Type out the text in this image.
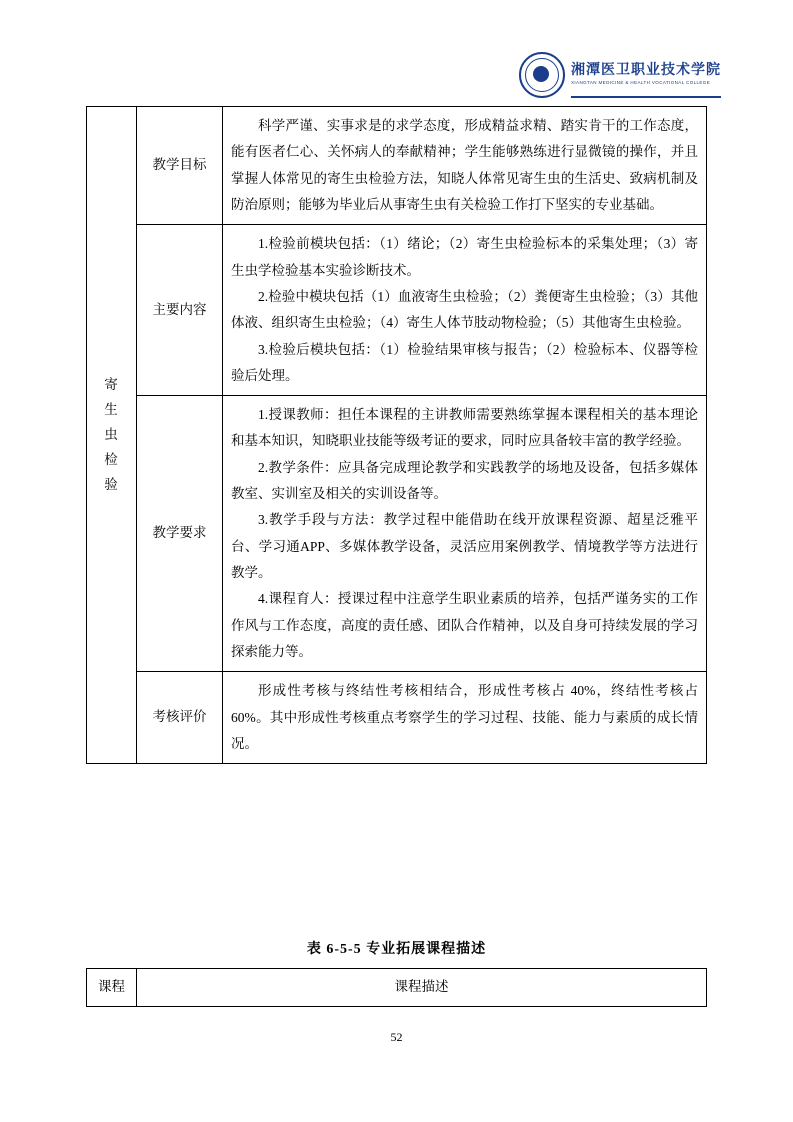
湘潭医卫职业技术学院
XIANGTAN MEDICINE & HEALTH VOCATIONAL COLLEGE
寄
生
虫
检
验	教学目标	科学严谨、实事求是的求学态度，形成精益求精、踏实肯干的工作态度，能有医者仁心、关怀病人的奉献精神；学生能够熟练进行显微镜的操作，并且掌握人体常见的寄生虫检验方法，知晓人体常见寄生虫的生活史、致病机制及防治原则；能够为毕业后从事寄生虫有关检验工作打下坚实的专业基础。

	主要内容	1.检验前模块包括：（1）绪论；（2）寄生虫检验标本的采集处理；（3）寄生虫学检验基本实验诊断技术。

2.检验中模块包括（1）血液寄生虫检验；（2）粪便寄生虫检验；（3）其他体液、组织寄生虫检验；（4）寄生人体节肢动物检验；（5）其他寄生虫检验。

3.检验后模块包括：（1）检验结果审核与报告；（2）检验标本、仪器等检验后处理。

	教学要求	1.授课教师：担任本课程的主讲教师需要熟练掌握本课程相关的基本理论和基本知识，知晓职业技能等级考证的要求，同时应具备较丰富的教学经验。

2.教学条件：应具备完成理论教学和实践教学的场地及设备，包括多媒体教室、实训室及相关的实训设备等。

3.教学手段与方法：教学过程中能借助在线开放课程资源、超星泛雅平台、学习通APP、多媒体教学设备，灵活应用案例教学、情境教学等方法进行教学。

4.课程育人：授课过程中注意学生职业素质的培养，包括严谨务实的工作作风与工作态度，高度的责任感、团队合作精神，以及自身可持续发展的学习探索能力等。

	考核评价	形成性考核与终结性考核相结合，形成性考核占 40%，终结性考核占 60%。其中形成性考核重点考察学生的学习过程、技能、能力与素质的成长情况。

表 6-5-5 专业拓展课程描述
课程	课程描述
52
